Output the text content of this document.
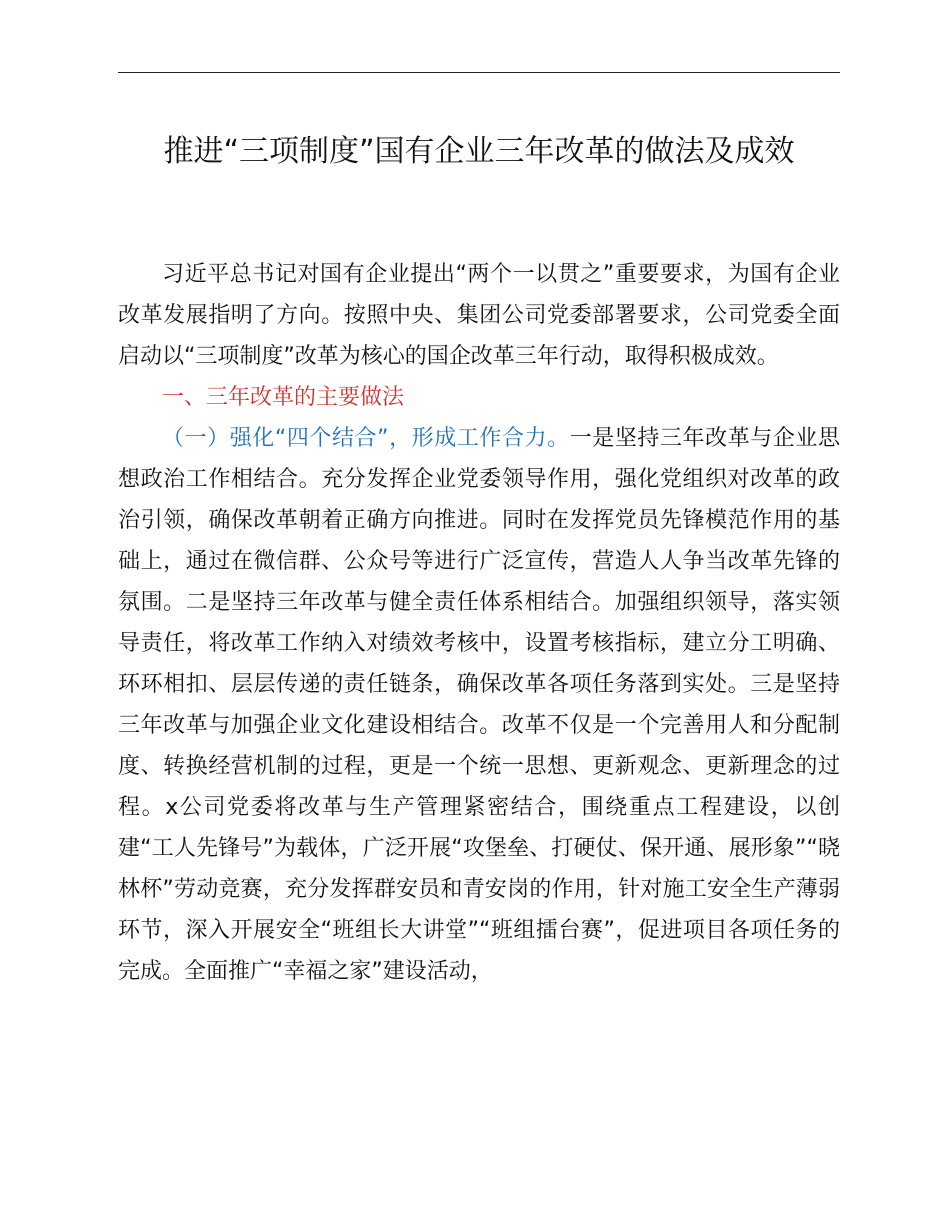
推进“三项制度”国有企业三年改革的做法及成效

习近平总书记对国有企业提出“两个一以贯之”重要要求，为国有企业改革发展指明了方向。按照中央、集团公司党委部署要求，公司党委全面启动以“三项制度”改革为核心的国企改革三年行动，取得积极成效。

一、三年改革的主要做法

（一）强化“四个结合”，形成工作合力。一是坚持三年改革与企业思想政治工作相结合。充分发挥企业党委领导作用，强化党组织对改革的政治引领，确保改革朝着正确方向推进。同时在发挥党员先锋模范作用的基础上，通过在微信群、公众号等进行广泛宣传，营造人人争当改革先锋的氛围。二是坚持三年改革与健全责任体系相结合。加强组织领导，落实领导责任，将改革工作纳入对绩效考核中，设置考核指标，建立分工明确、环环相扣、层层传递的责任链条，确保改革各项任务落到实处。三是坚持三年改革与加强企业文化建设相结合。改革不仅是一个完善用人和分配制度、转换经营机制的过程，更是一个统一思想、更新观念、更新理念的过程。x公司党委将改革与生产管理紧密结合，围绕重点工程建设，以创建“工人先锋号”为载体，广泛开展“攻堡垒、打硬仗、保开通、展形象”“晓林杯”劳动竞赛，充分发挥群安员和青安岗的作用，针对施工安全生产薄弱环节，深入开展安全“班组长大讲堂”“班组擂台赛”，促进项目各项任务的完成。全面推广“幸福之家”建设活动，
